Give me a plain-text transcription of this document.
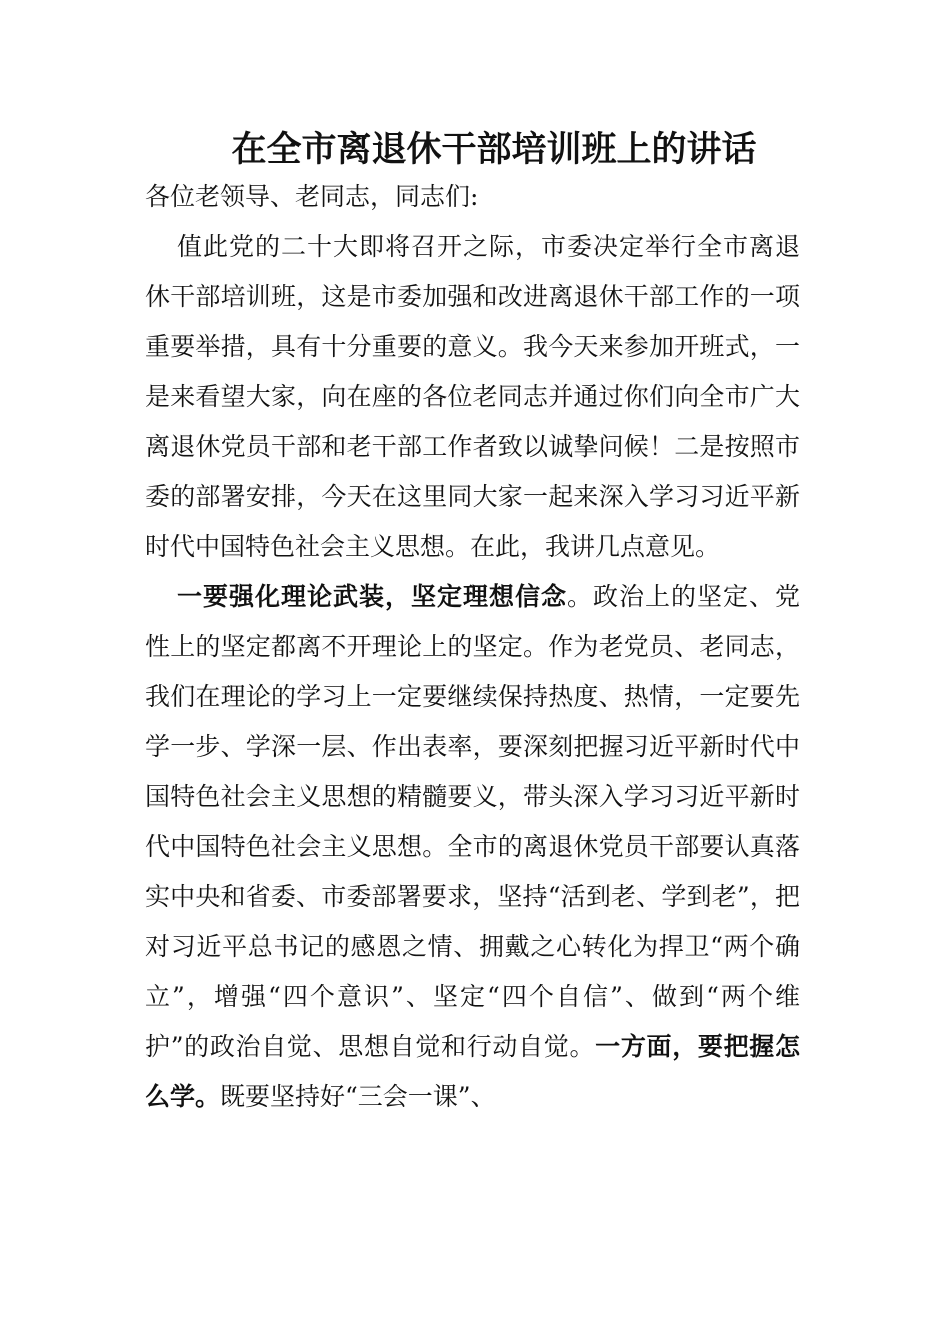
在全市离退休干部培训班上的讲话

各位老领导、老同志，同志们:

值此党的二十大即将召开之际，市委决定举行全市离退休干部培训班，这是市委加强和改进离退休干部工作的一项重要举措，具有十分重要的意义。我今天来参加开班式，一是来看望大家，向在座的各位老同志并通过你们向全市广大离退休党员干部和老干部工作者致以诚挚问候！二是按照市委的部署安排，今天在这里同大家一起来深入学习习近平新时代中国特色社会主义思想。在此，我讲几点意见。

一要强化理论武装，坚定理想信念。政治上的坚定、党性上的坚定都离不开理论上的坚定。作为老党员、老同志，我们在理论的学习上一定要继续保持热度、热情，一定要先学一步、学深一层、作出表率，要深刻把握习近平新时代中国特色社会主义思想的精髓要义，带头深入学习习近平新时代中国特色社会主义思想。全市的离退休党员干部要认真落实中央和省委、市委部署要求，坚持“活到老、学到老”，把对习近平总书记的感恩之情、拥戴之心转化为捍卫“两个确立”，增强“四个意识”、坚定“四个自信”、做到“两个维护”的政治自觉、思想自觉和行动自觉。一方面，要把握怎么学。既要坚持好“三会一课”、
